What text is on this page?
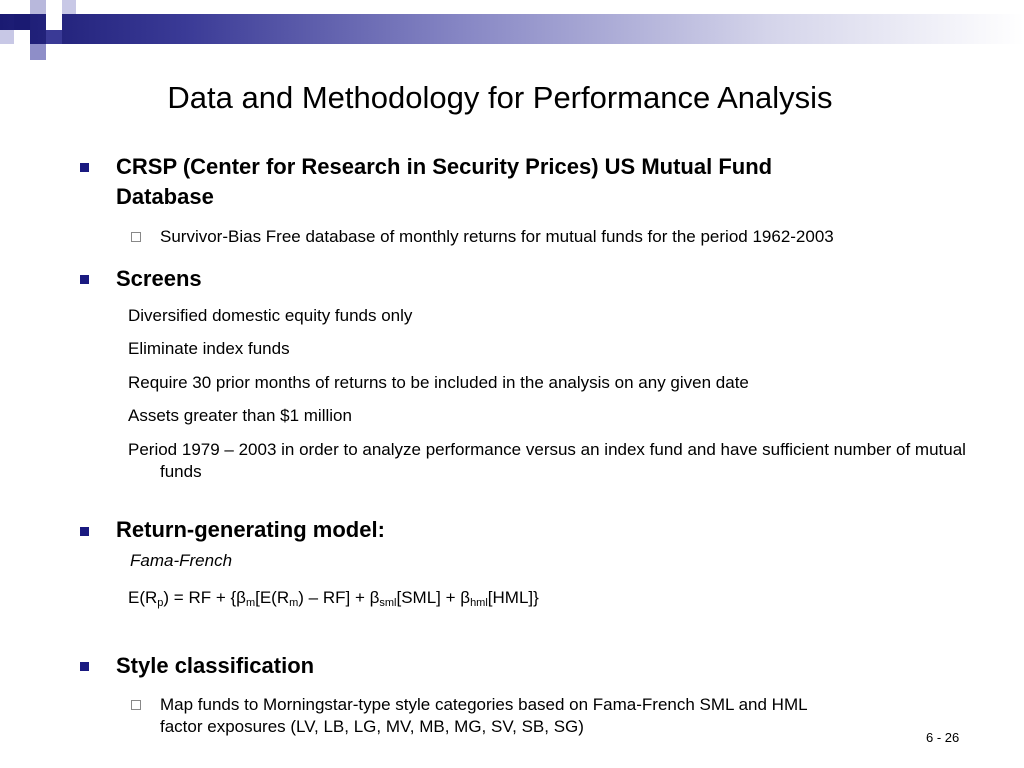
Data and Methodology for Performance Analysis
CRSP (Center for Research in Security Prices) US Mutual Fund
Database
Survivor-Bias Free database of monthly returns for mutual funds for the period 1962-2003
Screens
Diversified domestic equity funds only
Eliminate index funds
Require 30 prior months of returns to be included in the analysis on any given date
Assets greater than $1 million
Period 1979 – 2003 in order to analyze performance versus an index fund and have sufficient number of mutual funds
Return-generating model:
Fama-French
$E(R_p)$ = RF + $\{\beta_m[E(R_m) - RF] + \beta_{sml}[SML] + \beta_{hml}[HML]\}$
Style classification
Map funds to Morningstar-type style categories based on Fama-French SML and HML
factor exposures (LV, LB, LG, MV, MB, MG, SV, SB, SG)
6 - 26
